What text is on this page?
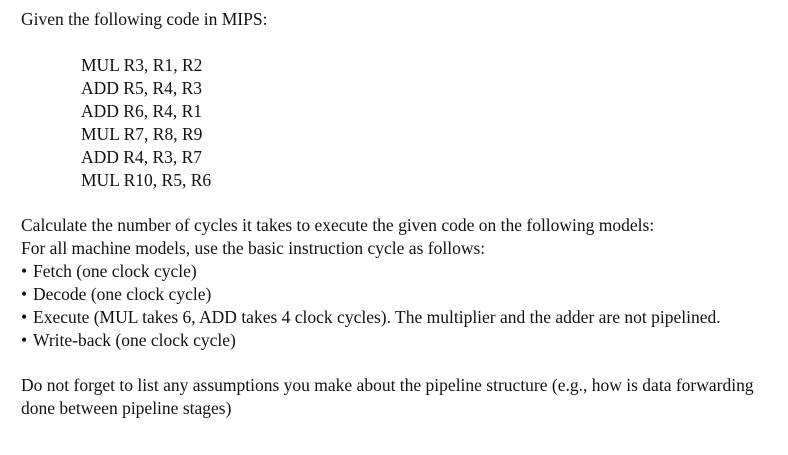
Given the following code in MIPS:
MUL R3, R1, R2
ADD R5, R4, R3
ADD R6, R4, R1
MUL R7, R8, R9
ADD R4, R3, R7
MUL R10, R5, R6
Calculate the number of cycles it takes to execute the given code on the following models:
For all machine models, use the basic instruction cycle as follows:
• Fetch (one clock cycle)
• Decode (one clock cycle)
• Execute (MUL takes 6, ADD takes 4 clock cycles). The multiplier and the adder are not pipelined.
• Write-back (one clock cycle)
Do not forget to list any assumptions you make about the pipeline structure (e.g., how is data forwarding done between pipeline stages)
